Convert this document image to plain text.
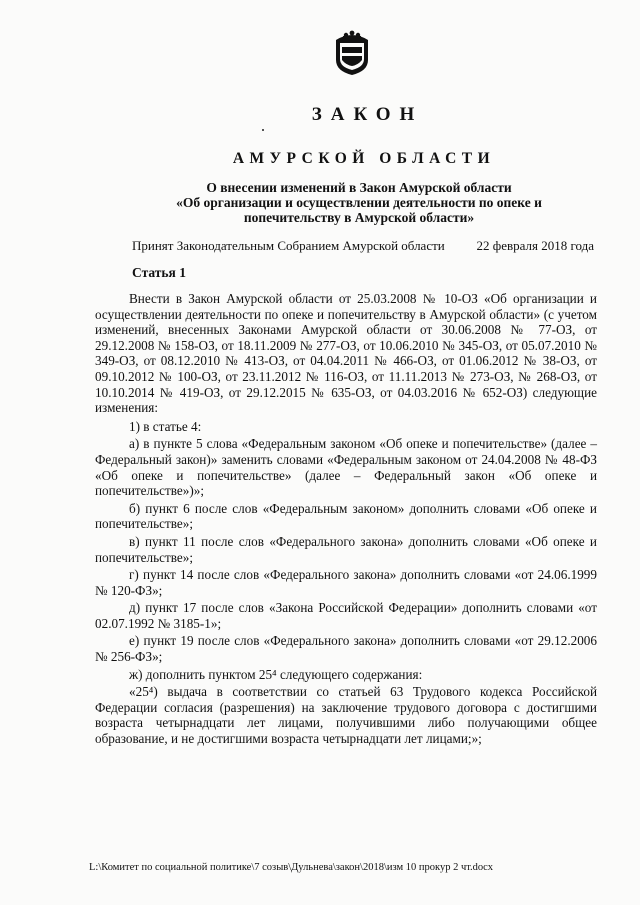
ЗАКОН
АМУРСКОЙ ОБЛАСТИ
О внесении изменений в Закон Амурской области
«Об организации и осуществлении деятельности по опеке и
попечительству в Амурской области»
Принят Законодательным Собранием Амурской области 22 февраля 2018 года
Статья 1

Внести в Закон Амурской области от 25.03.2008 № 10-ОЗ «Об организации и осуществлении деятельности по опеке и попечительству в Амурской области» (с учетом изменений, внесенных Законами Амурской области от 30.06.2008 № 77-ОЗ, от 29.12.2008 № 158-ОЗ, от 18.11.2009 № 277-ОЗ, от 10.06.2010 № 345-ОЗ, от 05.07.2010 № 349-ОЗ, от 08.12.2010 № 413-ОЗ, от 04.04.2011 № 466-ОЗ, от 01.06.2012 № 38-ОЗ, от 09.10.2012 № 100-ОЗ, от 23.11.2012 № 116-ОЗ, от 11.11.2013 № 273-ОЗ, № 268-ОЗ, от 10.10.2014 № 419-ОЗ, от 29.12.2015 № 635-ОЗ, от 04.03.2016 № 652-ОЗ) следующие изменения:

1) в статье 4:

а) в пункте 5 слова «Федеральным законом «Об опеке и попечительстве» (далее – Федеральный закон)» заменить словами «Федеральным законом от 24.04.2008 № 48-ФЗ «Об опеке и попечительстве» (далее – Федеральный закон «Об опеке и попечительстве»)»;

б) пункт 6 после слов «Федеральным законом» дополнить словами «Об опеке и попечительстве»;

в) пункт 11 после слов «Федерального закона» дополнить словами «Об опеке и попечительстве»;

г) пункт 14 после слов «Федерального закона» дополнить словами «от 24.06.1999 № 120-ФЗ»;

д) пункт 17 после слов «Закона Российской Федерации» дополнить словами «от 02.07.1992 № 3185-1»;

е) пункт 19 после слов «Федерального закона» дополнить словами «от 29.12.2006 № 256-ФЗ»;

ж) дополнить пунктом 25⁴ следующего содержания:

«25⁴) выдача в соответствии со статьей 63 Трудового кодекса Российской Федерации согласия (разрешения) на заключение трудового договора с достигшими возраста четырнадцати лет лицами, получившими либо получающими общее образование, и не достигшими возраста четырнадцати лет лицами;»;

L:\Комитет по социальной политике\7 созыв\Дульнева\закон\2018\изм 10 прокур 2 чт.docx
